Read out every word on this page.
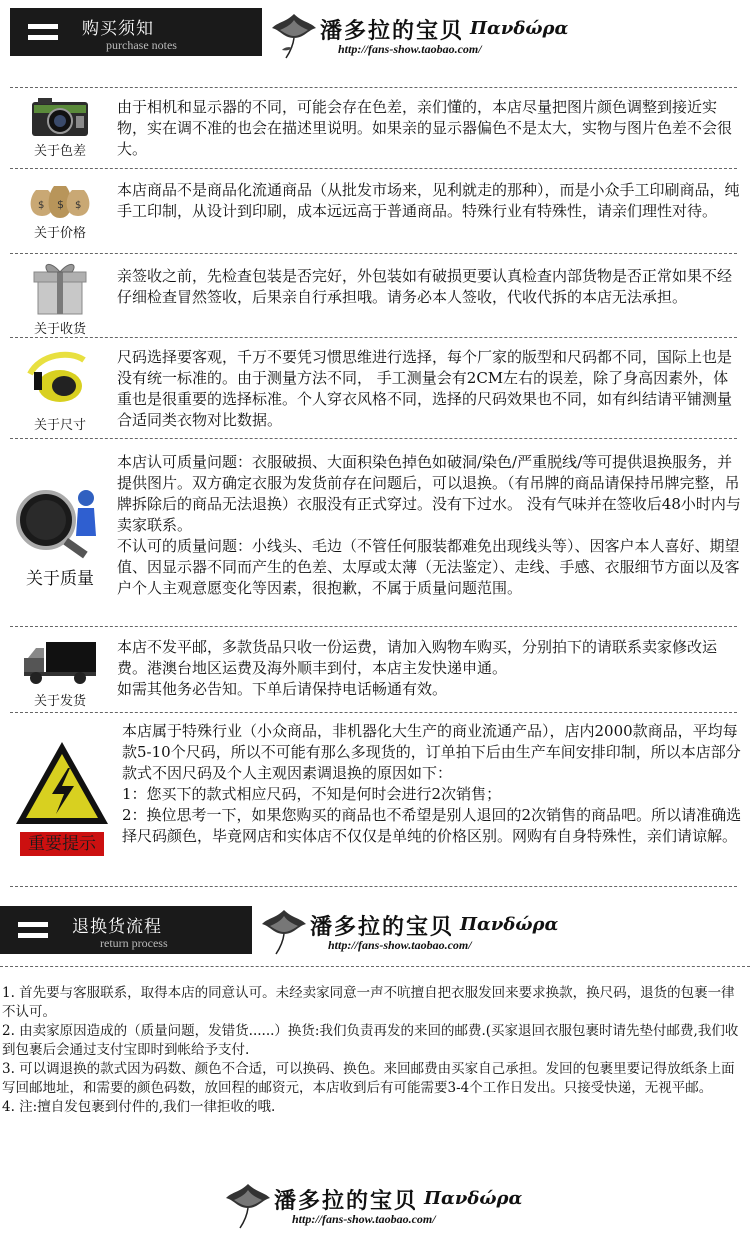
购买须知
purchase notes
潘多拉的宝贝 Πανδώρα
http://fans-show.taobao.com/
关于色差

由于相机和显示器的不同，可能会存在色差，亲们懂的，本店尽量把图片颜色调整到接近实物，实在调不准的也会在描述里说明。如果亲的显示器偏色不是太大，实物与图片色差不会很大。

$ $ $
关于价格

本店商品不是商品化流通商品（从批发市场来，见利就走的那种），而是小众手工印刷商品，纯手工印制，从设计到印刷，成本远远高于普通商品。特殊行业有特殊性，请亲们理性对待。

关于收货

亲签收之前，先检查包装是否完好，外包装如有破损更要认真检查内部货物是否正常如果不经仔细检查冒然签收，后果亲自行承担哦。请务必本人签收，代收代拆的本店无法承担。

关于尺寸

尺码选择要客观，千万不要凭习惯思维进行选择，每个厂家的版型和尺码都不同，国际上也是没有统一标准的。由于测量方法不同， 手工测量会有2CM左右的误差，除了身高因素外，体重也是很重要的选择标准。个人穿衣风格不同，选择的尺码效果也不同，如有纠结请平铺测量合适同类衣物对比数据。

关于质量

本店认可质量问题：衣服破损、大面积染色掉色如破洞/染色/严重脱线/等可提供退换服务，并提供图片。双方确定衣服为发货前存在问题后，可以退换。（有吊牌的商品请保持吊牌完整，吊牌拆除后的商品无法退换）衣服没有正式穿过。没有下过水。 没有气味并在签收后48小时内与卖家联系。

不认可的质量问题：小线头、毛边（不管任何服装都难免出现线头等）、因客户本人喜好、期望值、因显示器不同而产生的色差、太厚或太薄（无法鉴定）、走线、手感、衣服细节方面以及客户个人主观意愿变化等因素，很抱歉，不属于质量问题范围。

关于发货

本店不发平邮，多款货品只收一份运费，请加入购物车购买，分别拍下的请联系卖家修改运费。港澳台地区运费及海外顺丰到付，本店主发快递申通。

如需其他务必告知。下单后请保持电话畅通有效。

重要提示

本店属于特殊行业（小众商品，非机器化大生产的商业流通产品），店内2000款商品，平均每款5-10个尺码，所以不可能有那么多现货的，订单拍下后由生产车间安排印制，所以本店部分款式不因尺码及个人主观因素调退换的原因如下：

1：您买下的款式相应尺码，不知是何时会进行2次销售；

2：换位思考一下，如果您购买的商品也不希望是别人退回的2次销售的商品吧。所以请准确选择尺码颜色，毕竟网店和实体店不仅仅是单纯的价格区别。网购有自身特殊性，亲们请谅解。

退换货流程
return process
潘多拉的宝贝 Πανδώρα
http://fans-show.taobao.com/

1. 首先要与客服联系，取得本店的同意认可。未经卖家同意一声不吭擅自把衣服发回来要求换款，换尺码，退货的包裹一律不认可。

2. 由卖家原因造成的（质量问题，发错货......）换货:我们负责再发的来回的邮费.(买家退回衣服包裹时请先垫付邮费,我们收到包裹后会通过支付宝即时到帐给予支付.

3. 可以调退换的款式因为码数、颜色不合适，可以换码、换色。来回邮费由买家自己承担。发回的包裹里要记得放纸条上面写回邮地址，和需要的颜色码数，放回程的邮资元，本店收到后有可能需要3-4个工作日发出。只接受快递，无视平邮。

4. 注:擅自发包裹到付件的,我们一律拒收的哦.

潘多拉的宝贝 Πανδώρα
http://fans-show.taobao.com/
